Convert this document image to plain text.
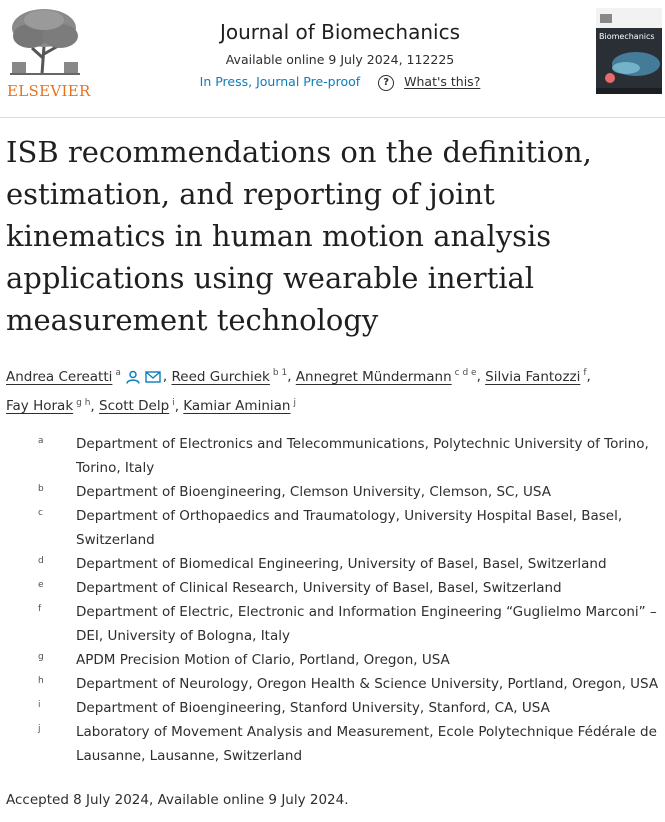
ELSEVIER
Journal of Biomechanics
Available online 9 July 2024, 112225
In Press, Journal Pre-proof ? What's this?
Biomechanics
ISB recommendations on the definition, estimation, and reporting of joint kinematics in human motion analysis applications using wearable inertial measurement technology
Andrea Cereatti $^a$	, Reed Gurchiek $^{b 1}$, Annegret Mündermann $^{c d e}$, Silvia Fantozzi $^f$,
Fay Horak $^{g h}$, Scott Delp $^i$, Kamiar Aminian $^j$
a	Department of Electronics and Telecommunications, Polytechnic University of Torino, Torino, Italy
b	Department of Bioengineering, Clemson University, Clemson, SC, USA
c	Department of Orthopaedics and Traumatology, University Hospital Basel, Basel, Switzerland
d	Department of Biomedical Engineering, University of Basel, Basel, Switzerland
e	Department of Clinical Research, University of Basel, Basel, Switzerland
f	Department of Electric, Electronic and Information Engineering “Guglielmo Marconi” – DEI, University of Bologna, Italy
g	APDM Precision Motion of Clario, Portland, Oregon, USA
h	Department of Neurology, Oregon Health & Science University, Portland, Oregon, USA
i	Department of Bioengineering, Stanford University, Stanford, CA, USA
j	Laboratory of Movement Analysis and Measurement, Ecole Polytechnique Fédérale de Lausanne, Lausanne, Switzerland
Accepted 8 July 2024, Available online 9 July 2024.
